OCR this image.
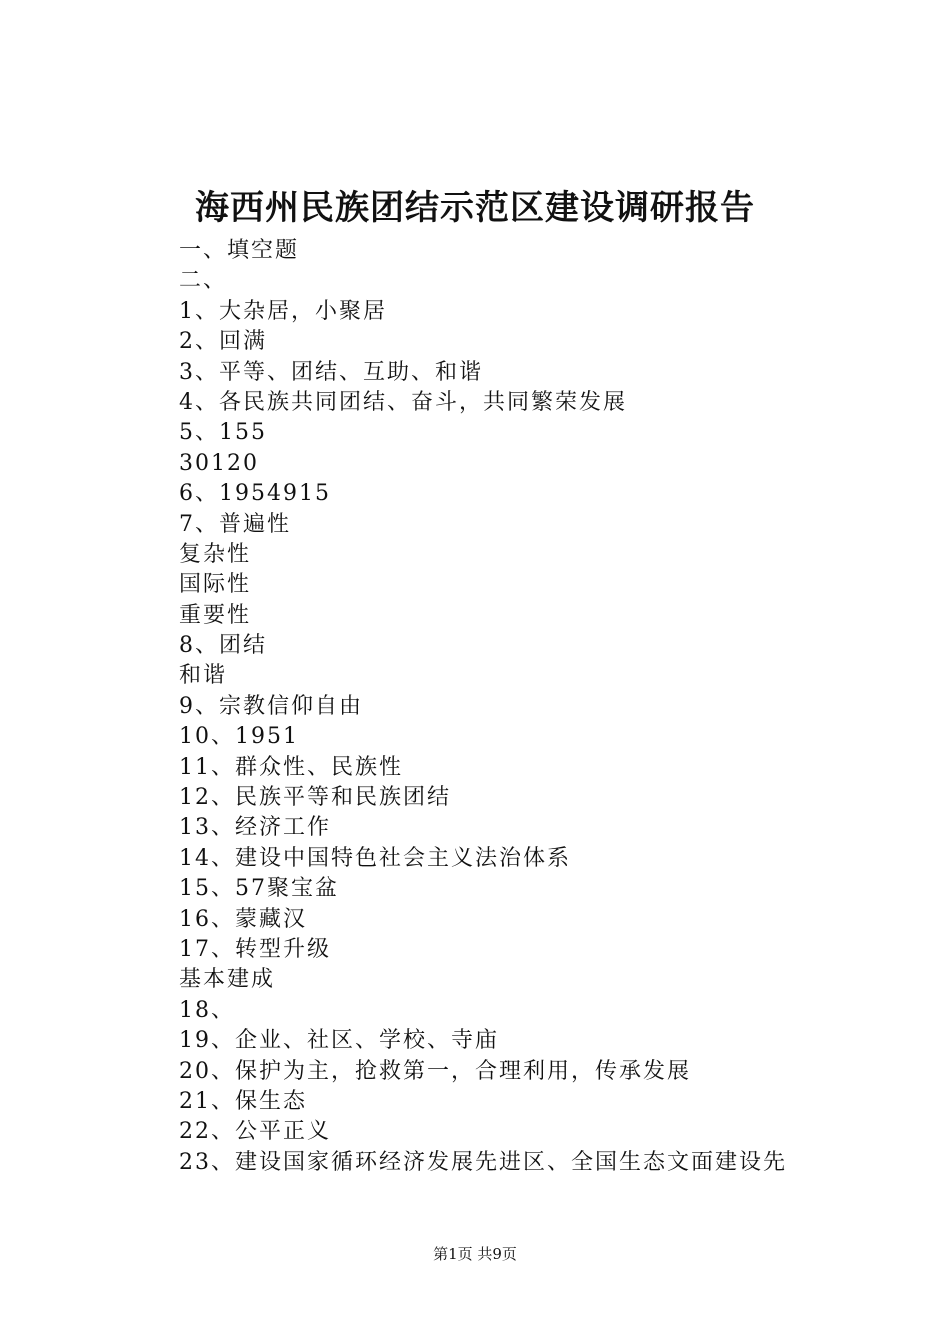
海西州民族团结示范区建设调研报告
一、填空题
二、
1、大杂居，小聚居
2、回满
3、平等、团结、互助、和谐
4、各民族共同团结、奋斗，共同繁荣发展
5、155
30120
6、1954915
7、普遍性
复杂性
国际性
重要性
8、团结
和谐
9、宗教信仰自由
10、1951
11、群众性、民族性
12、民族平等和民族团结
13、经济工作
14、建设中国特色社会主义法治体系
15、57聚宝盆
16、蒙藏汉
17、转型升级
基本建成
18、
19、企业、社区、学校、寺庙
20、保护为主，抢救第一，合理利用，传承发展
21、保生态
22、公平正义
23、建设国家循环经济发展先进区、全国生态文面建设先
第1页 共9页
